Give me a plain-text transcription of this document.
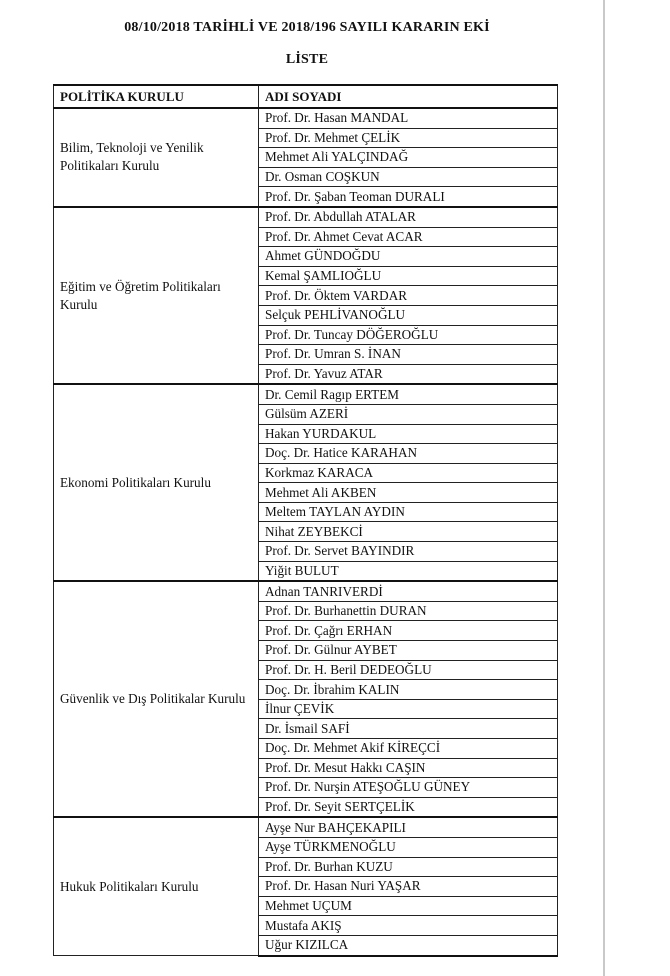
08/10/2018 TARİHLİ VE 2018/196 SAYILI KARARIN EKİ
LİSTE
POLİTİKA KURULU	ADI SOYADI
Bilim, Teknoloji ve Yenilik Politikaları Kurulu	Prof. Dr. Hasan MANDAL
	Prof. Dr. Mehmet ÇELİK
	Mehmet Ali YALÇINDAĞ
	Dr. Osman COŞKUN
	Prof. Dr. Şaban Teoman DURALI
Eğitim ve Öğretim Politikaları Kurulu	Prof. Dr. Abdullah ATALAR
	Prof. Dr. Ahmet Cevat ACAR
	Ahmet GÜNDOĞDU
	Kemal ŞAMLIOĞLU
	Prof. Dr. Öktem VARDAR
	Selçuk PEHLİVANOĞLU
	Prof. Dr. Tuncay DÖĞEROĞLU
	Prof. Dr. Umran S. İNAN
	Prof. Dr. Yavuz ATAR
Ekonomi Politikaları Kurulu	Dr. Cemil Ragıp ERTEM
	Gülsüm AZERİ
	Hakan YURDAKUL
	Doç. Dr. Hatice KARAHAN
	Korkmaz KARACA
	Mehmet Ali AKBEN
	Meltem TAYLAN AYDIN
	Nihat ZEYBEKCİ
	Prof. Dr. Servet BAYINDIR
	Yiğit BULUT
Güvenlik ve Dış Politikalar Kurulu	Adnan TANRIVERDİ
	Prof. Dr. Burhanettin DURAN
	Prof. Dr. Çağrı ERHAN
	Prof. Dr. Gülnur AYBET
	Prof. Dr. H. Beril DEDEOĞLU
	Doç. Dr. İbrahim KALIN
	İlnur ÇEVİK
	Dr. İsmail SAFİ
	Doç. Dr. Mehmet Akif KİREÇCİ
	Prof. Dr. Mesut Hakkı CAŞIN
	Prof. Dr. Nurşin ATEŞOĞLU GÜNEY
	Prof. Dr. Seyit SERTÇELİK
Hukuk Politikaları Kurulu	Ayşe Nur BAHÇEKAPILI
	Ayşe TÜRKMENOĞLU
	Prof. Dr. Burhan KUZU
	Prof. Dr. Hasan Nuri YAŞAR
	Mehmet UÇUM
	Mustafa AKIŞ
	Uğur KIZILCA
